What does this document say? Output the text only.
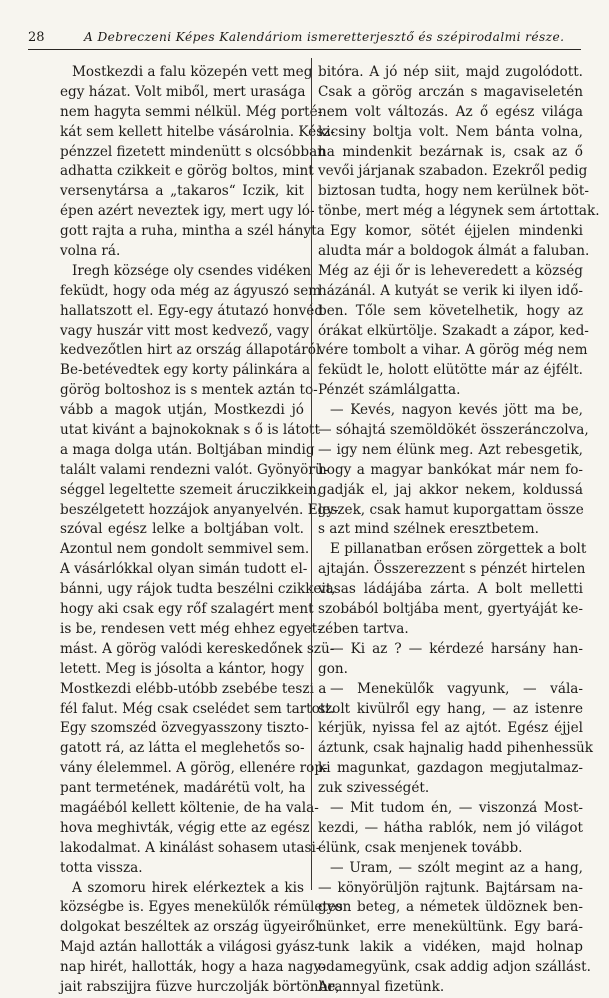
28	A Debreczeni Képes Kalendáriom ismeretterjesztő és szépirodalmi része.
Mostkezdi a falu közepén vett meg
egy házat. Volt miből, mert urasága
nem hagyta semmi nélkül. Még porté-
kát sem kellett hitelbe vásárolnia. Kész-
pénzzel fizetett mindenütt s olcsóbban
adhatta czikkeit e görög boltos, mint
versenytársa a „takaros“ Iczik, kit
épen azért neveztek igy, mert ugy ló-
gott rajta a ruha, mintha a szél hányta
volna rá.
Iregh községe oly csendes vidéken
feküdt, hogy oda még az ágyuszó sem
hallatszott el. Egy-egy átutazó honvéd
vagy huszár vitt most kedvező, vagy
kedvezőtlen hirt az ország állapotáról.
Be-betévedtek egy korty pálinkára a
görög boltoshoz is s mentek aztán to-
vább a magok utján, Mostkezdi jó
utat kivánt a bajnokoknak s ő is látott
a maga dolga után. Boltjában mindig
talált valami rendezni valót. Gyönyörü-
séggel legeltette szemeit áruczikkein,
beszélgetett hozzájok anyanyelvén. Egy-
szóval egész lelke a boltjában volt.
Azontul nem gondolt semmivel sem.
A vásárlókkal olyan simán tudott el-
bánni, ugy rájok tudta beszélni czikkeit,
hogy aki csak egy rőf szalagért ment
is be, rendesen vett még ehhez egyet-
mást. A görög valódi kereskedőnek szü-
letett. Meg is jósolta a kántor, hogy
Mostkezdi elébb-utóbb zsebébe teszi a
fél falut. Még csak cselédet sem tartott.
Egy szomszéd özvegyasszony tiszto-
gatott rá, az látta el meglehetős so-
vány élelemmel. A görög, ellenére rop-
pant termetének, madárétü volt, ha
magáéból kellett költenie, de ha vala-
hova meghivták, végig ette az egész
lakodalmat. A kinálást sohasem utasi-
totta vissza.
A szomoru hirek elérkeztek a kis
községbe is. Egyes menekülők rémületes
dolgokat beszéltek az ország ügyeiről.
Majd aztán hallották a világosi gyász-
nap hirét, hallották, hogy a haza nagy-
jait rabszijjra füzve hurczolják börtönbe,
bitóra. A jó nép siit, majd zugolódott.
Csak a görög arczán s magaviseletén
nem volt változás. Az ő egész világa
kicsiny boltja volt. Nem bánta volna,
ha mindenkit bezárnak is, csak az ő
vevői járjanak szabadon. Ezekről pedig
biztosan tudta, hogy nem kerülnek böt-
tönbe, mert még a légynek sem ártottak.
Egy komor, sötét éjjelen mindenki
aludta már a boldogok álmát a faluban.
Még az éji őr is leheveredett a község
házánál. A kutyát se verik ki ilyen idő-
ben. Tőle sem követelhetik, hogy az
órákat elkürtölje. Szakadt a zápor, ked-
vére tombolt a vihar. A görög még nem
feküdt le, holott elütötte már az éjfélt.
Pénzét számlálgatta.
— Kevés, nagyon kevés jött ma be,
— sóhajtá szemöldökét összeránczolva,
— igy nem élünk meg. Azt rebesgetik,
hogy a magyar bankókat már nem fo-
gadják el, jaj akkor nekem, koldussá
leszek, csak hamut kuporgattam össze
s azt mind szélnek eresztbetem.
E pillanatban erősen zörgettek a bolt
ajtaján. Összerezzent s pénzét hirtelen
vasas ládájába zárta. A bolt melletti
szobából boltjába ment, gyertyáját ke-
zében tartva.
— Ki az ? — kérdezé harsány han-
gon.
— Menekülők vagyunk, — vála-
szolt kivülről egy hang, — az istenre
kérjük, nyissa fel az ajtót. Egész éjjel
áztunk, csak hajnalig hadd pihenhessük
ki magunkat, gazdagon megjutalmaz-
zuk szivességét.
— Mit tudom én, — viszonzá Most-
kezdi, — hátha rablók, nem jó világot
élünk, csak menjenek tovább.
— Uram, — szólt megint az a hang,
— könyörüljön rajtunk. Bajtársam na-
gyon beteg, a németek üldöznek ben-
nünket, erre menekültünk. Egy bará-
tunk lakik a vidéken, majd holnap
odamegyünk, csak addig adjon szállást.
Arannyal fizetünk.
